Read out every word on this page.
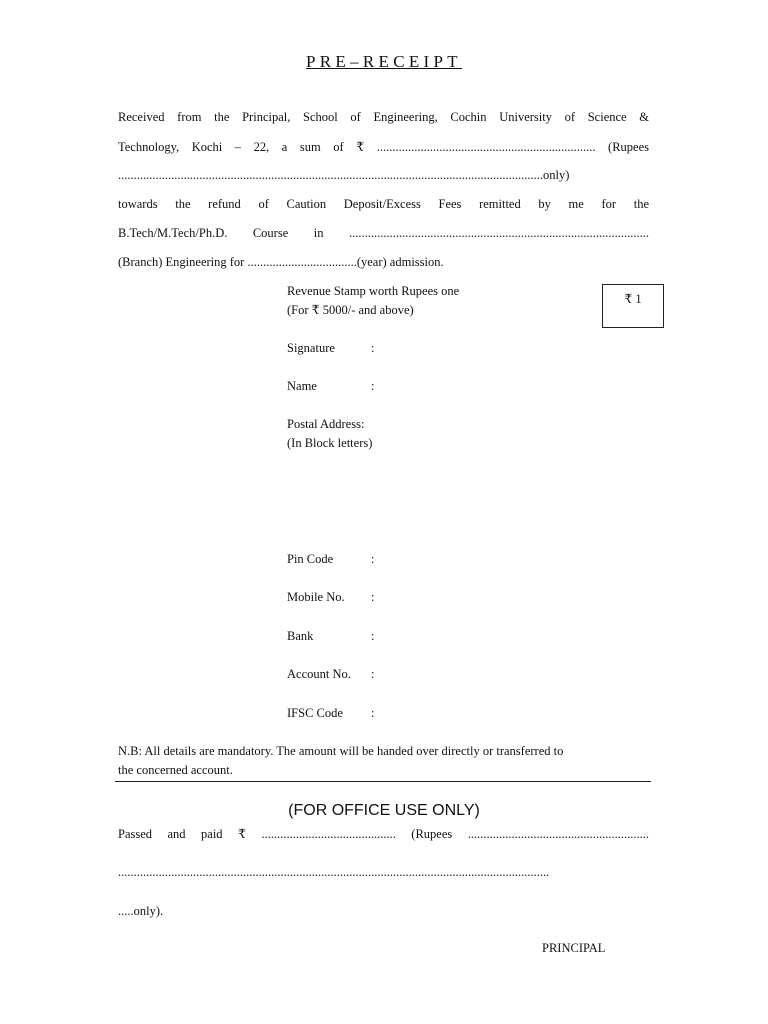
PRE–RECEIPT
Received from the Principal, School of Engineering, Cochin University of Science &
Technology, Kochi – 22, a sum of ₹ ...................................................................... (Rupees
........................................................................................................................................only)
towards the refund of Caution Deposit/Excess Fees remitted by me for the
B.Tech/M.Tech/Ph.D. Course in ................................................................................................
(Branch) Engineering for ...................................(year) admission.
Revenue Stamp worth Rupees one
(For ₹ 5000/- and above)
₹ 1
Signature	:
Name	:
Postal Address:
(In Block letters)
Pin Code	:
Mobile No. :
Bank	:
Account No. :
IFSC Code :
N.B: All details are mandatory. The amount will be handed over directly or transferred to
the concerned account.
(FOR OFFICE USE ONLY)
Passed and paid ₹ ........................................... (Rupees ..........................................................
..........................................................................................................................................
.....only).
PRINCIPAL
